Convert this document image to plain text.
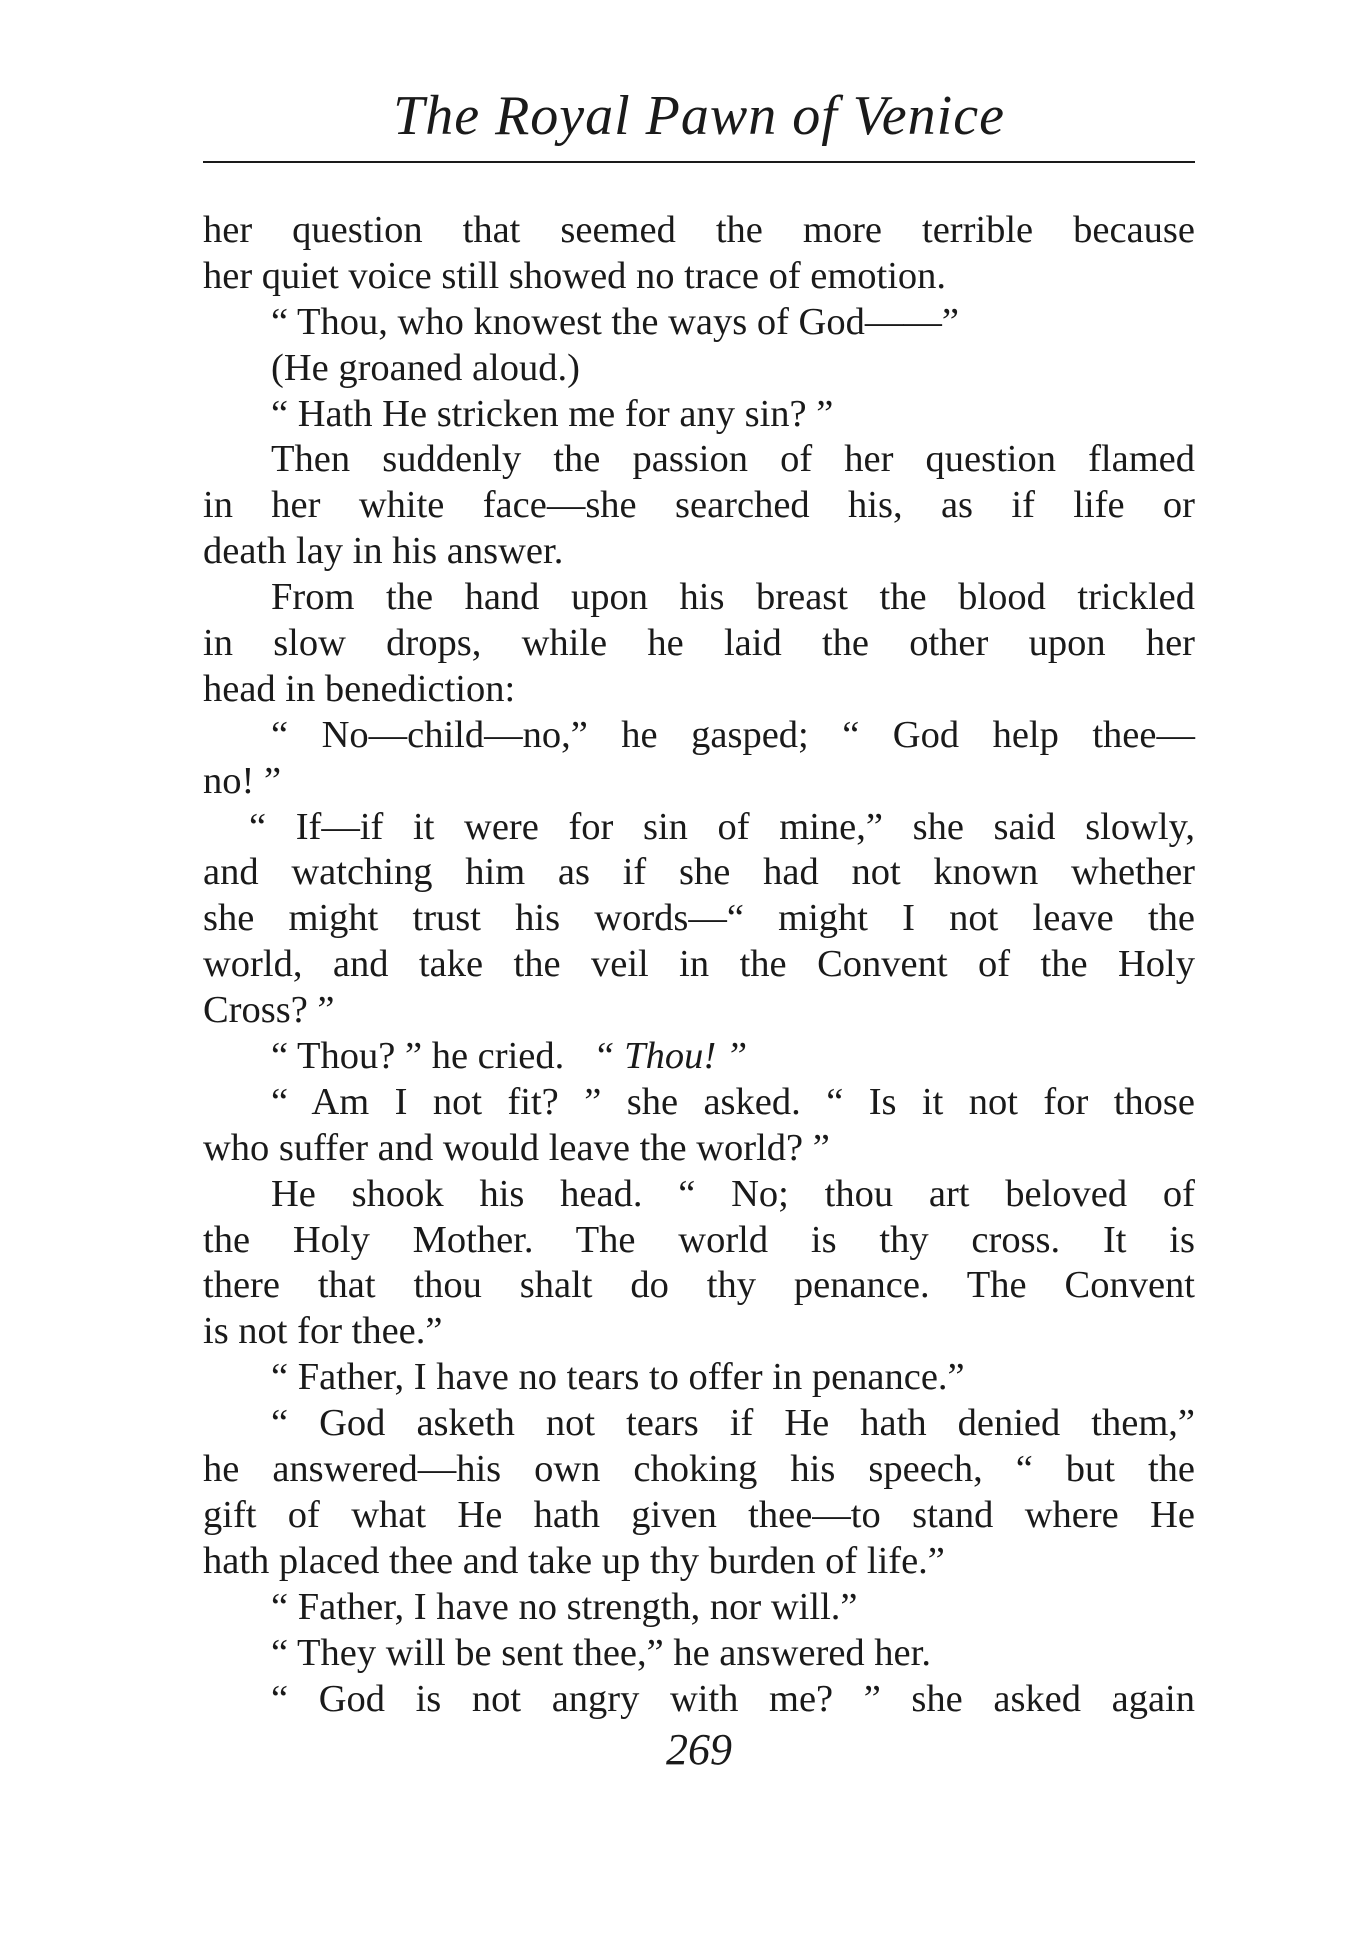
The Royal Pawn of Venice
her question that seemed the more terrible because
her quiet voice still showed no trace of emotion.
“ Thou, who knowest the ways of God——”
(He groaned aloud.)
“ Hath He stricken me for any sin? ”
Then suddenly the passion of her question flamed
in her white face—she searched his, as if life or
death lay in his answer.
From the hand upon his breast the blood trickled
in slow drops, while he laid the other upon her
head in benediction:
“ No—child—no,” he gasped; “ God help thee—
no! ”
“ If—if it were for sin of mine,” she said slowly,
and watching him as if she had not known whether
she might trust his words—“ might I not leave the
world, and take the veil in the Convent of the Holy
Cross? ”
“ Thou? ” he cried. “ Thou! ”
“ Am I not fit? ” she asked. “ Is it not for those
who suffer and would leave the world? ”
He shook his head. “ No; thou art beloved of
the Holy Mother. The world is thy cross. It is
there that thou shalt do thy penance. The Convent
is not for thee.”
“ Father, I have no tears to offer in penance.”
“ God asketh not tears if He hath denied them,”
he answered—his own choking his speech, “ but the
gift of what He hath given thee—to stand where He
hath placed thee and take up thy burden of life.”
“ Father, I have no strength, nor will.”
“ They will be sent thee,” he answered her.
“ God is not angry with me? ” she asked again
269
